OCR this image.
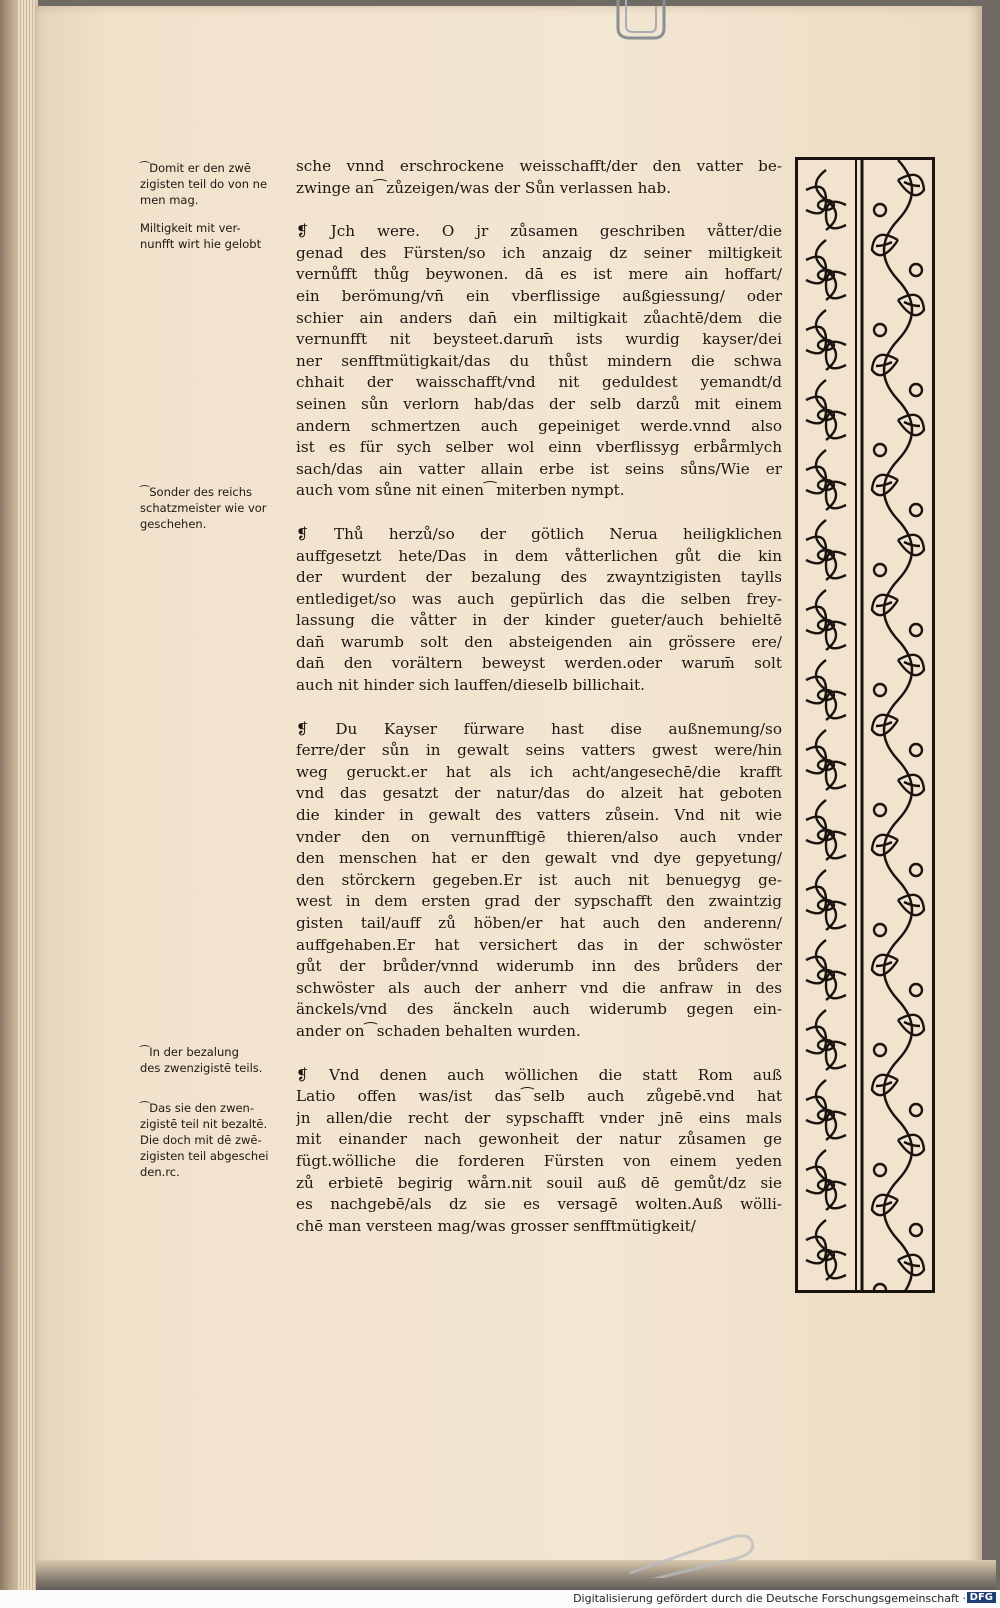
sche vnnd erschrockene weisschafft/der den vatter be-
zwinge an⁀zůzeigen/was der Sůn verlassen hab.
❡ Jch were. O jr zůsamen geschriben våtter/die
genad des Fürsten/so ich anzaig dz seiner miltigkeit
vernůfft thůg beywonen. dā es ist mere ain hoffart/
ein berömung/vn̄ ein vberflissige außgiessung/ oder
schier ain anders dan̄ ein miltigkait zůachtē/dem die
vernunfft nit beysteet.darum̄ ists wurdig kayser/dei
ner senfftmütigkait/das du thůst mindern die schwa
chhait der waisschafft/vnd nit geduldest yemandt/d
seinen sůn verlorn hab/das der selb darzů mit einem
andern schmertzen auch gepeiniget werde.vnnd also
ist es für sych selber wol einn vberflissyg erbårmlych
sach/das ain vatter allain erbe ist seins sůns/Wie er
auch vom sůne nit einen⁀miterben nympt.
❡ Thů herzů/so der götlich Nerua heiligklichen
auffgesetzt hete/Das in dem våtterlichen gůt die kin
der wurdent der bezalung des zwayntzigisten taylls
entlediget/so was auch gepürlich das die selben frey-
lassung die våtter in der kinder gueter/auch behieltē
dan̄ warumb solt den absteigenden ain grössere ere/
dan̄ den vorältern beweyst werden.oder warum̄ solt
auch nit hinder sich lauffen/dieselb billichait.
❡ Du Kayser fürware hast dise außnemung/so
ferre/der sůn in gewalt seins vatters gwest were/hin
weg geruckt.er hat als ich acht/angesechē/die krafft
vnd das gesatzt der natur/das do alzeit hat geboten
die kinder in gewalt des vatters zůsein. Vnd nit wie
vnder den on vernunfftigē thieren/also auch vnder
den menschen hat er den gewalt vnd dye gepyetung/
den störckern gegeben.Er ist auch nit benuegyg ge-
west in dem ersten grad der sypschafft den zwaintzig
gisten tail/auff zů höben/er hat auch den anderenn/
auffgehaben.Er hat versichert das in der schwöster
gůt der brůder/vnnd widerumb inn des brůders der
schwöster als auch der anherr vnd die anfraw in des
änckels/vnd des änckeln auch widerumb gegen ein-
ander on⁀schaden behalten wurden.
❡ Vnd denen auch wöllichen die statt Rom auß
Latio offen was/ist das⁀selb auch zůgebē.vnd hat
jn allen/die recht der sypschafft vnder jnē eins mals
mit einander nach gewonheit der natur zůsamen ge
fügt.wölliche die forderen Fürsten von einem yeden
zů erbietē begirig wårn.nit souil auß dē gemůt/dz sie
es nachgebē/als dz sie es versagē wolten.Auß wölli-
chē man versteen mag/was grosser senfftmütigkeit/
⁀Domit er den zwē
zigisten teil do von ne
men mag.
Miltigkeit mit ver-
nunfft wirt hie gelobt
⁀Sonder des reichs
schatzmeister wie vor
geschehen.
⁀In der bezalung
des zwenzigistē teils.
⁀Das sie den zwen-
zigistē teil nit bezaltē.
Die doch mit dē zwē-
zigisten teil abgeschei
den.rc.
Digitalisierung gefördert durch die Deutsche Forschungsgemeinschaft · DFG
